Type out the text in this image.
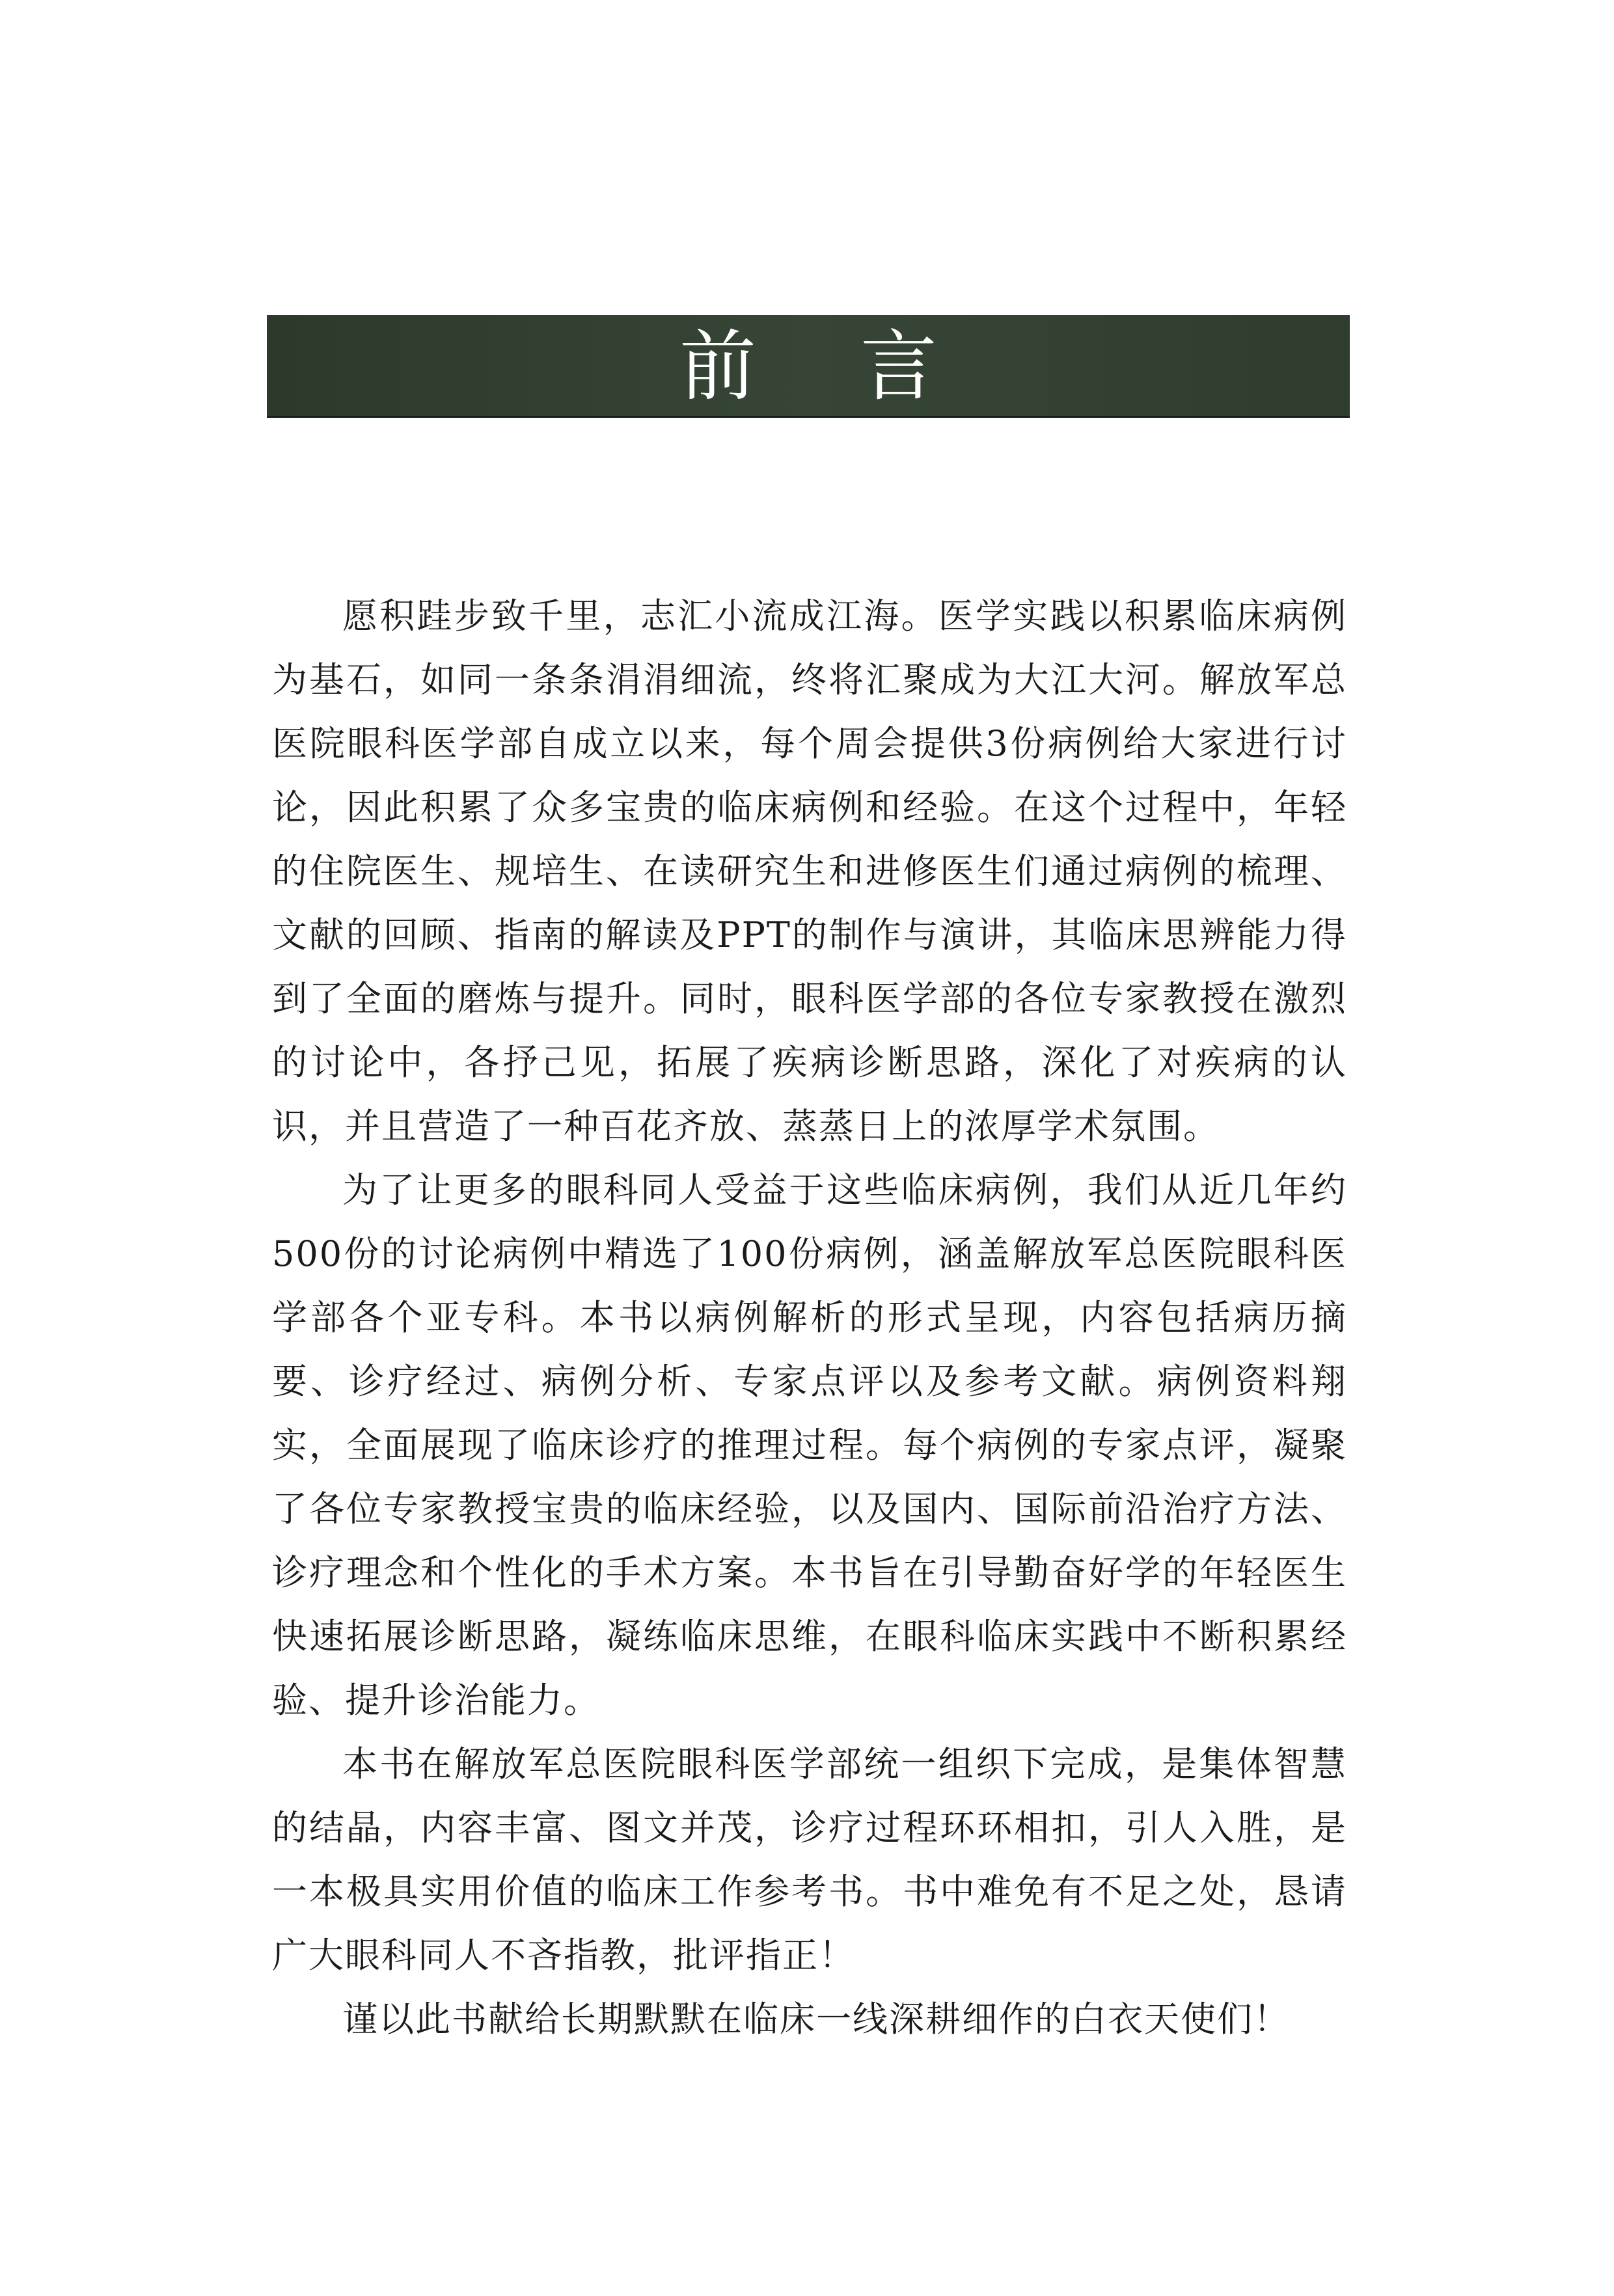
前言

愿积跬步致千里，志汇小流成江海。医学实践以积累临床病例为基石，如同一条条涓涓细流，终将汇聚成为大江大河。解放军总医院眼科医学部自成立以来，每个周会提供3份病例给大家进行讨论，因此积累了众多宝贵的临床病例和经验。在这个过程中，年轻的住院医生、规培生、在读研究生和进修医生们通过病例的梳理、文献的回顾、指南的解读及PPT的制作与演讲，其临床思辨能力得到了全面的磨炼与提升。同时，眼科医学部的各位专家教授在激烈的讨论中，各抒己见，拓展了疾病诊断思路，深化了对疾病的认识，并且营造了一种百花齐放、蒸蒸日上的浓厚学术氛围。

为了让更多的眼科同人受益于这些临床病例，我们从近几年约500份的讨论病例中精选了100份病例，涵盖解放军总医院眼科医学部各个亚专科。本书以病例解析的形式呈现，内容包括病历摘要、诊疗经过、病例分析、专家点评以及参考文献。病例资料翔实，全面展现了临床诊疗的推理过程。每个病例的专家点评，凝聚了各位专家教授宝贵的临床经验，以及国内、国际前沿治疗方法、诊疗理念和个性化的手术方案。本书旨在引导勤奋好学的年轻医生快速拓展诊断思路，凝练临床思维，在眼科临床实践中不断积累经验、提升诊治能力。

本书在解放军总医院眼科医学部统一组织下完成，是集体智慧的结晶，内容丰富、图文并茂，诊疗过程环环相扣，引人入胜，是一本极具实用价值的临床工作参考书。书中难免有不足之处，恳请广大眼科同人不吝指教，批评指正！

谨以此书献给长期默默在临床一线深耕细作的白衣天使们！
